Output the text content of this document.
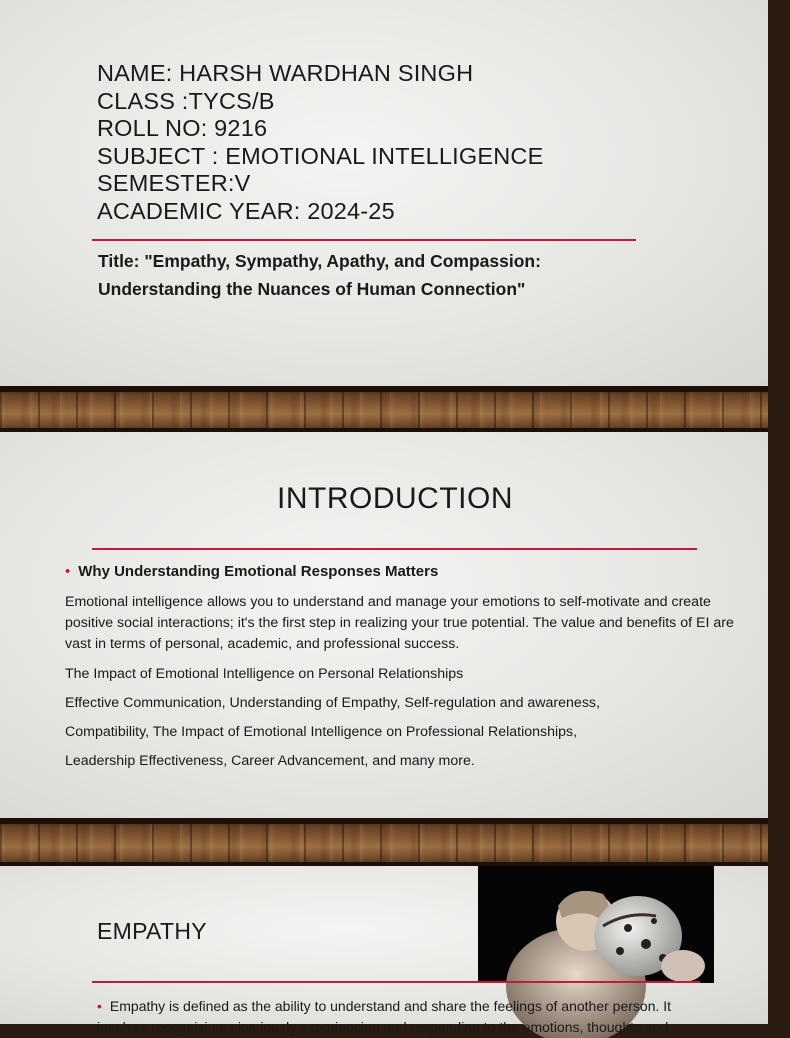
NAME: HARSH WARDHAN SINGH
CLASS :TYCS/B
ROLL NO: 9216
SUBJECT : EMOTIONAL INTELLIGENCE
SEMESTER:V
ACADEMIC YEAR: 2024-25
Title: "Empathy, Sympathy, Apathy, and Compassion:
Understanding the Nuances of Human Connection"
INTRODUCTION
• Why Understanding Emotional Responses Matters
Emotional intelligence allows you to understand and manage your emotions to self-motivate and create positive social interactions; it's the first step in realizing your true potential. The value and benefits of EI are vast in terms of personal, academic, and professional success.
The Impact of Emotional Intelligence on Personal Relationships
Effective Communication, Understanding of Empathy, Self-regulation and awareness,
Compatibility, The Impact of Emotional Intelligence on Professional Relationships,
Leadership Effectiveness, Career Advancement, and many more.
EMPATHY
• Empathy is defined as the ability to understand and share the feelings of another person. It involves recognizing, vicariously experiencing and responding to the emotions, thoughts and
